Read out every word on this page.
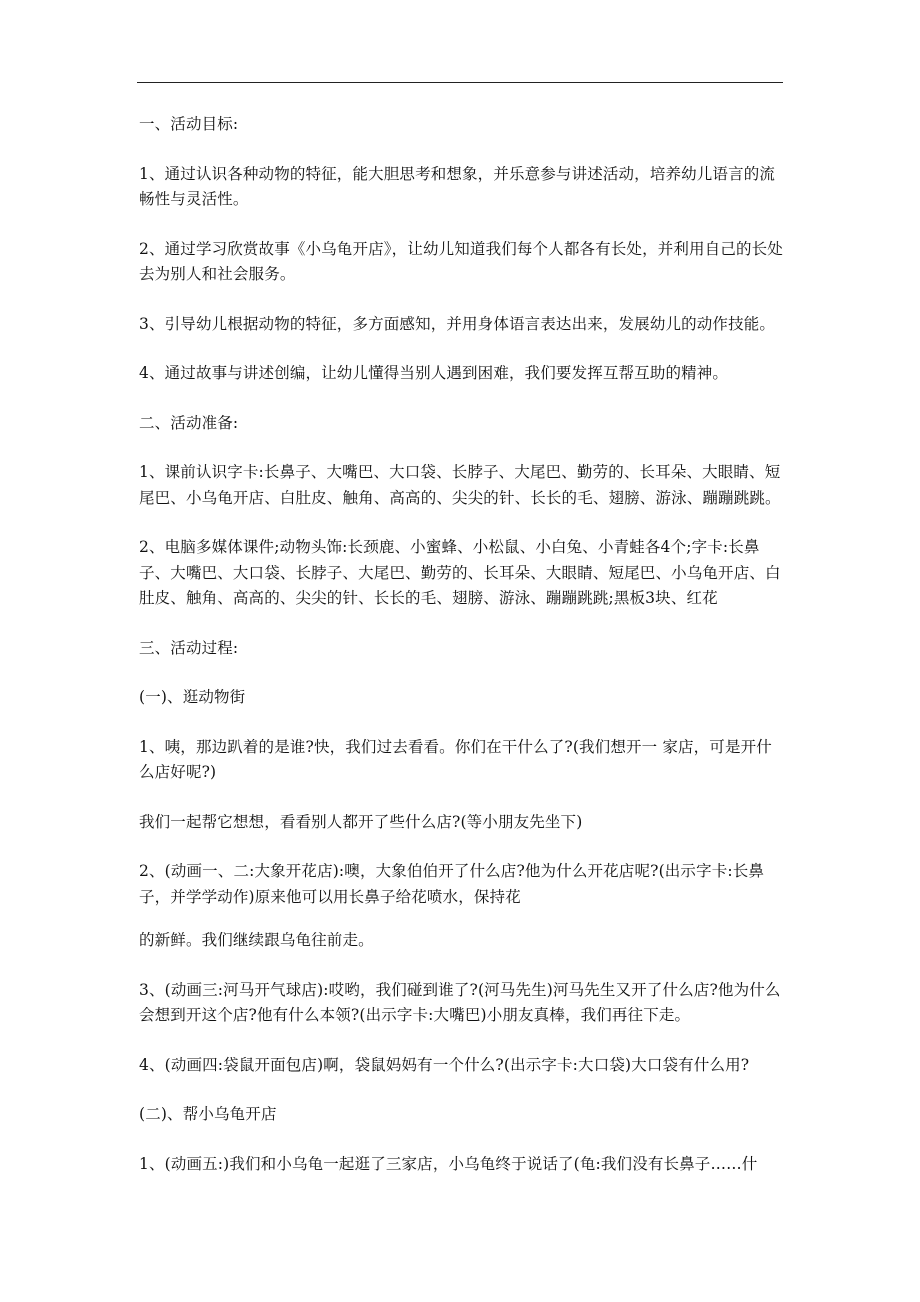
一、活动目标:

1、通过认识各种动物的特征，能大胆思考和想象，并乐意参与讲述活动，培养幼儿语言的流畅性与灵活性。

2、通过学习欣赏故事《小乌龟开店》，让幼儿知道我们每个人都各有长处，并利用自己的长处去为别人和社会服务。

3、引导幼儿根据动物的特征，多方面感知，并用身体语言表达出来，发展幼儿的动作技能。

4、通过故事与讲述创编，让幼儿懂得当别人遇到困难，我们要发挥互帮互助的精神。

二、活动准备:

1、课前认识字卡:长鼻子、大嘴巴、大口袋、长脖子、大尾巴、勤劳的、长耳朵、大眼睛、短尾巴、小乌龟开店、白肚皮、触角、高高的、尖尖的针、长长的毛、翅膀、游泳、蹦蹦跳跳。

2、电脑多媒体课件;动物头饰:长颈鹿、小蜜蜂、小松鼠、小白兔、小青蛙各4个;字卡:长鼻子、大嘴巴、大口袋、长脖子、大尾巴、勤劳的、长耳朵、大眼睛、短尾巴、小乌龟开店、白肚皮、触角、高高的、尖尖的针、长长的毛、翅膀、游泳、蹦蹦跳跳;黑板3块、红花

三、活动过程:

(一)、逛动物街

1、咦，那边趴着的是谁?快，我们过去看看。你们在干什么了?(我们想开一 家店，可是开什么店好呢?)

我们一起帮它想想，看看别人都开了些什么店?(等小朋友先坐下)

2、(动画一、二:大象开花店):噢，大象伯伯开了什么店?他为什么开花店呢?(出示字卡:长鼻子，并学学动作)原来他可以用长鼻子给花喷水，保持花

的新鲜。我们继续跟乌龟往前走。

3、(动画三:河马开气球店):哎哟，我们碰到谁了?(河马先生)河马先生又开了什么店?他为什么会想到开这个店?他有什么本领?(出示字卡:大嘴巴)小朋友真棒，我们再往下走。

4、(动画四:袋鼠开面包店)啊，袋鼠妈妈有一个什么?(出示字卡:大口袋)大口袋有什么用?

(二)、帮小乌龟开店

1、(动画五:)我们和小乌龟一起逛了三家店，小乌龟终于说话了(龟:我们没有长鼻子……什
